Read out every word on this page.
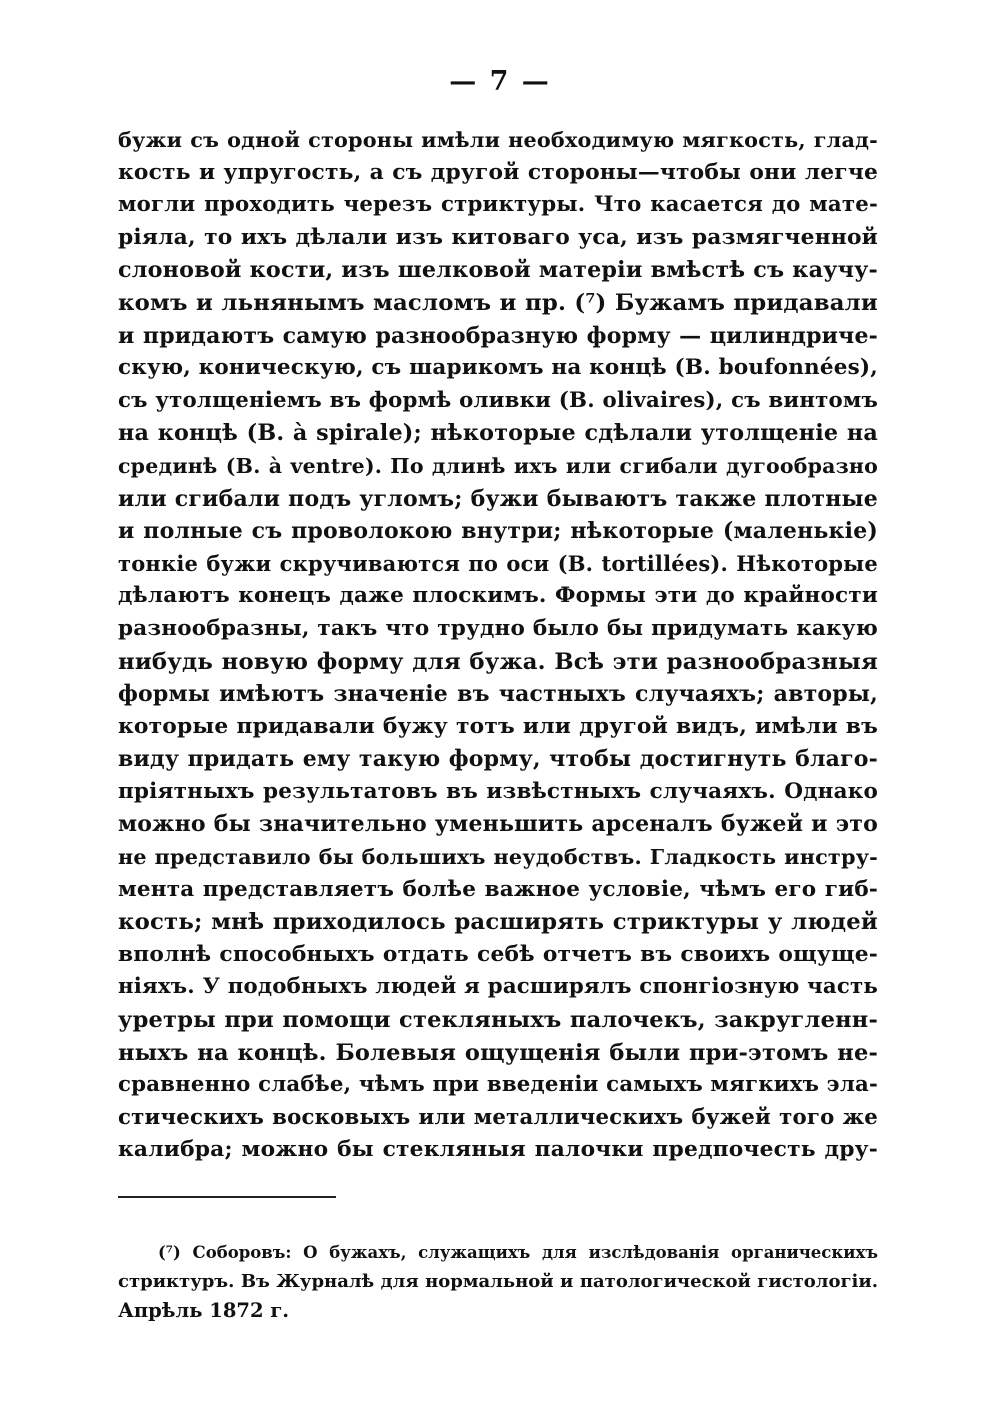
— 7 —
бужи съ одной стороны имѣли необходимую мягкость, глад-
кость и упругость, а съ другой стороны—чтобы они легче
могли проходить черезъ стриктуры. Что касается до мате-
ріяла, то ихъ дѣлали изъ китоваго уса, изъ размягченной
слоновой кости, изъ шелковой матеріи вмѣстѣ съ каучу-
комъ и льнянымъ масломъ и пр. (⁷) Бужамъ придавали
и придаютъ самую разнообразную форму — цилиндриче-
скую, коническую, съ шарикомъ на концѣ (B. boufonnées),
съ утолщеніемъ въ формѣ оливки (B. olivaires), съ винтомъ
на концѣ (B. à spirale); нѣкоторые сдѣлали утолщеніе на
срединѣ (B. à ventre). По длинѣ ихъ или сгибали дугообразно
или сгибали подъ угломъ; бужи бываютъ также плотные
и полные съ проволокою внутри; нѣкоторые (маленькіе)
тонкіе бужи скручиваются по оси (B. tortillées). Нѣкоторые
дѣлаютъ конецъ даже плоскимъ. Формы эти до крайности
разнообразны, такъ что трудно было бы придумать какую
нибудь новую форму для бужа. Всѣ эти разнообразныя
формы имѣютъ значеніе въ частныхъ случаяхъ; авторы,
которые придавали бужу тотъ или другой видъ, имѣли въ
виду придать ему такую форму, чтобы достигнуть благо-
пріятныхъ результатовъ въ извѣстныхъ случаяхъ. Однако
можно бы значительно уменьшить арсеналъ бужей и это
не представило бы большихъ неудобствъ. Гладкость инстру-
мента представляетъ болѣе важное условіе, чѣмъ его гиб-
кость; мнѣ приходилось расширять стриктуры у людей
вполнѣ способныхъ отдать себѣ отчетъ въ своихъ ощуще-
ніяхъ. У подобныхъ людей я расширялъ спонгіозную часть
уретры при помощи стекляныхъ палочекъ, закругленн-
ныхъ на концѣ. Болевыя ощущенія были при-этомъ не-
сравненно слабѣе, чѣмъ при введеніи самыхъ мягкихъ эла-
стическихъ восковыхъ или металлическихъ бужей того же
калибра; можно бы стекляныя палочки предпочесть дру-
(⁷) Соборовъ: О бужахъ, служащихъ для изслѣдованія органическихъ
стриктуръ. Въ Журналѣ для нормальной и патологической гистологіи.
Апрѣль 1872 г.
